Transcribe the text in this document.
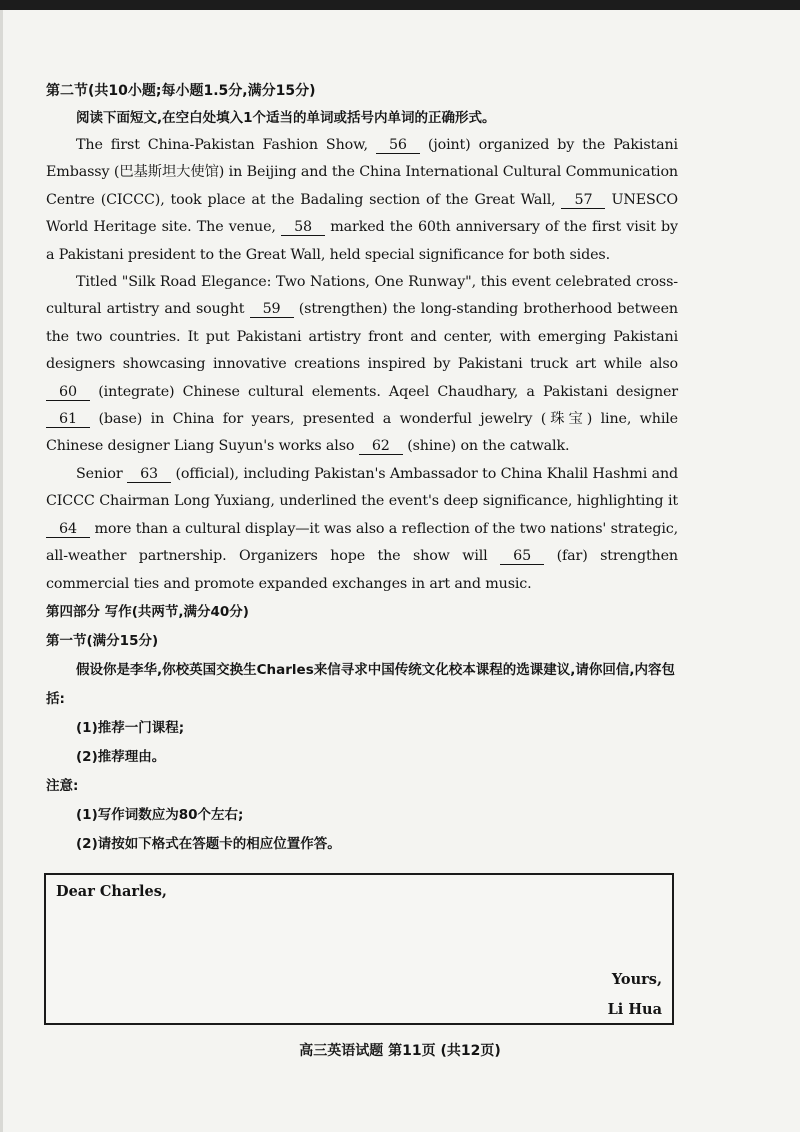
第二节(共10小题;每小题1.5分,满分15分)
阅读下面短文,在空白处填入1个适当的单词或括号内单词的正确形式。

The first China-Pakistan Fashion Show, 56 (joint) organized by the Pakistani Embassy (巴基斯坦大使馆) in Beijing and the China International Cultural Communication Centre (CICCC), took place at the Badaling section of the Great Wall, 57 UNESCO World Heritage site. The venue, 58 marked the 60th anniversary of the first visit by a Pakistani president to the Great Wall, held special significance for both sides.

Titled "Silk Road Elegance: Two Nations, One Runway", this event celebrated cross-cultural artistry and sought 59 (strengthen) the long-standing brotherhood between the two countries. It put Pakistani artistry front and center, with emerging Pakistani designers showcasing innovative creations inspired by Pakistani truck art while also 60 (integrate) Chinese cultural elements. Aqeel Chaudhary, a Pakistani designer 61 (base) in China for years, presented a wonderful jewelry (珠宝) line, while Chinese designer Liang Suyun's works also 62 (shine) on the catwalk.

Senior 63 (official), including Pakistan's Ambassador to China Khalil Hashmi and CICCC Chairman Long Yuxiang, underlined the event's deep significance, highlighting it 64 more than a cultural display—it was also a reflection of the two nations' strategic, all-weather partnership. Organizers hope the show will 65 (far) strengthen commercial ties and promote expanded exchanges in art and music.

第四部分 写作(共两节,满分40分)
第一节(满分15分)
假设你是李华,你校英国交换生Charles来信寻求中国传统文化校本课程的选课建议,请你回信,内容包括:
(1)推荐一门课程;
(2)推荐理由。
注意:
(1)写作词数应为80个左右;
(2)请按如下格式在答题卡的相应位置作答。
Dear Charles,
Yours,
Li Hua
高三英语试题 第11页 (共12页)
